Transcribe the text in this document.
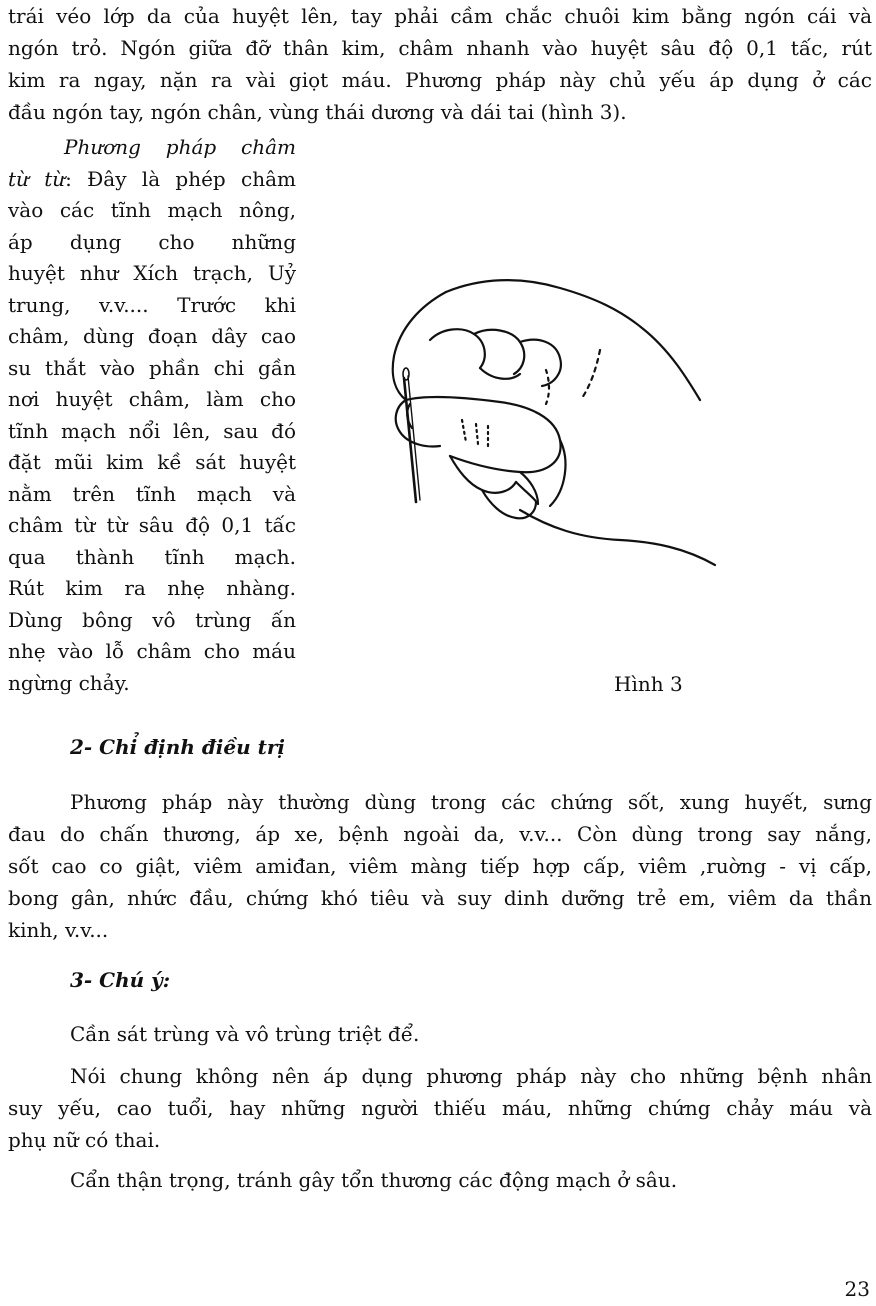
trái véo lớp da của huyệt lên, tay phải cầm chắc chuôi kim bằng ngón cái và
ngón trỏ. Ngón giữa đỡ thân kim, châm nhanh vào huyệt sâu độ 0,1 tấc, rút
kim ra ngay, nặn ra vài giọt máu. Phương pháp này chủ yếu áp dụng ở các
đầu ngón tay, ngón chân, vùng thái dương và dái tai (hình 3).
Phương pháp châm
từ từ: Đây là phép châm
vào các tĩnh mạch nông,
áp dụng cho những
huyệt như Xích trạch, Uỷ
trung, v.v.... Trước khi
châm, dùng đoạn dây cao
su thắt vào phần chi gần
nơi huyệt châm, làm cho
tĩnh mạch nổi lên, sau đó
đặt mũi kim kề sát huyệt
nằm trên tĩnh mạch và
châm từ từ sâu độ 0,1 tấc
qua thành tĩnh mạch.
Rút kim ra nhẹ nhàng.
Dùng bông vô trùng ấn
nhẹ vào lỗ châm cho máu
ngừng chảy.	Hình 3
2- Chỉ định điều trị
Phương pháp này thường dùng trong các chứng sốt, xung huyết, sưng
đau do chấn thương, áp xe, bệnh ngoài da, v.v... Còn dùng trong say nắng,
sốt cao co giật, viêm amiđan, viêm màng tiếp hợp cấp, viêm ,ruờng - vị cấp,
bong gân, nhức đầu, chứng khó tiêu và suy dinh dưỡng trẻ em, viêm da thần
kinh, v.v...
3- Chú ý:
Cần sát trùng và vô trùng triệt để.
Nói chung không nên áp dụng phương pháp này cho những bệnh nhân
suy yếu, cao tuổi, hay những người thiếu máu, những chứng chảy máu và
phụ nữ có thai.
Cẩn thận trọng, tránh gây tổn thương các động mạch ở sâu.
23
